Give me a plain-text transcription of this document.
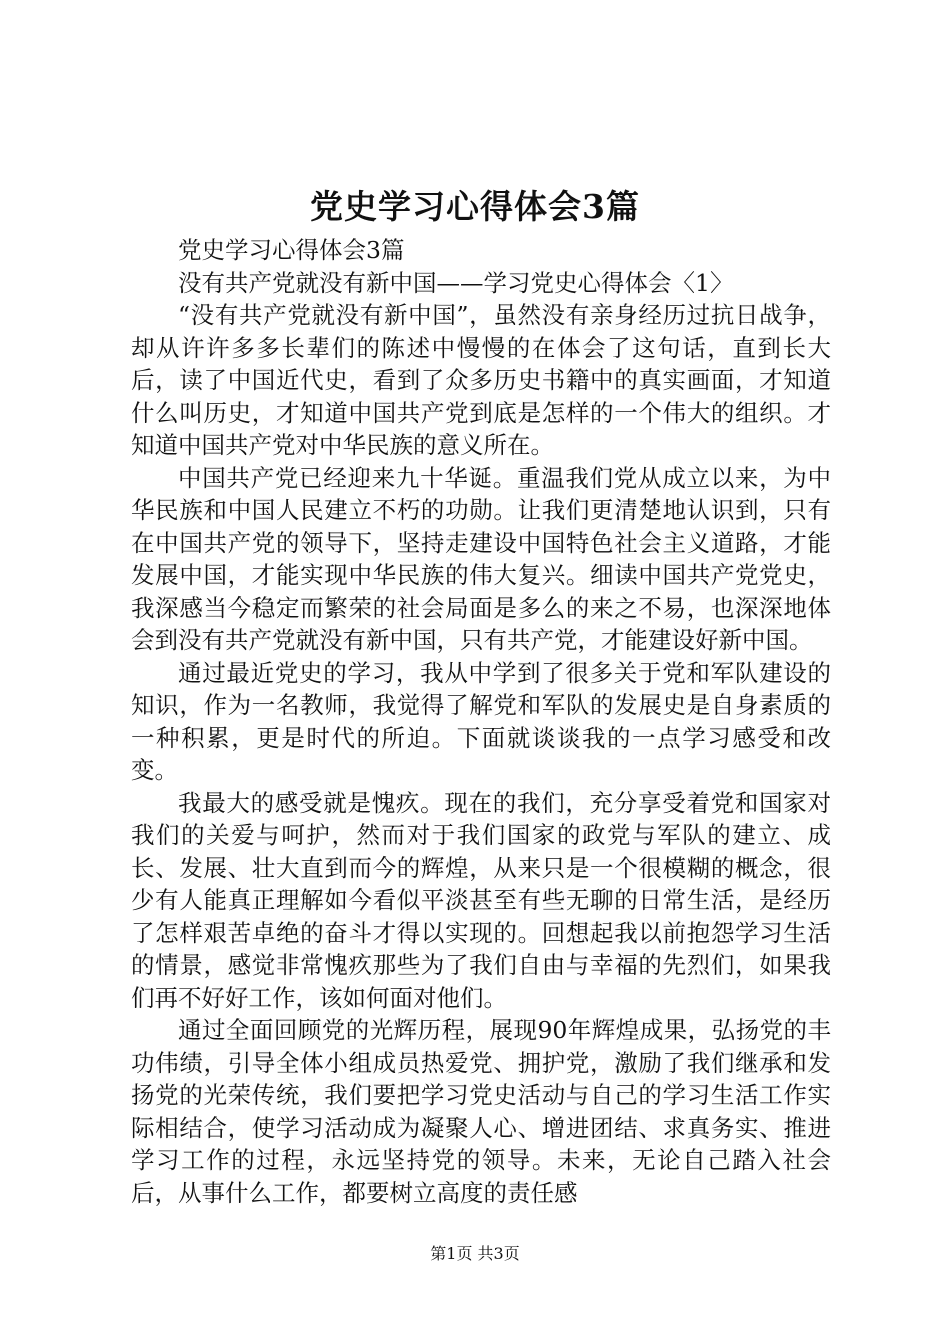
党史学习心得体会3篇

党史学习心得体会3篇

没有共产党就没有新中国——学习党史心得体会〈1〉

“没有共产党就没有新中国”，虽然没有亲身经历过抗日战争，却从许许多多长辈们的陈述中慢慢的在体会了这句话，直到长大后，读了中国近代史，看到了众多历史书籍中的真实画面，才知道什么叫历史，才知道中国共产党到底是怎样的一个伟大的组织。才知道中国共产党对中华民族的意义所在。

中国共产党已经迎来九十华诞。重温我们党从成立以来，为中华民族和中国人民建立不朽的功勋。让我们更清楚地认识到，只有在中国共产党的领导下，坚持走建设中国特色社会主义道路，才能发展中国，才能实现中华民族的伟大复兴。细读中国共产党党史，我深感当今稳定而繁荣的社会局面是多么的来之不易，也深深地体会到没有共产党就没有新中国，只有共产党，才能建设好新中国。

通过最近党史的学习，我从中学到了很多关于党和军队建设的知识，作为一名教师，我觉得了解党和军队的发展史是自身素质的一种积累，更是时代的所迫。下面就谈谈我的一点学习感受和改变。

我最大的感受就是愧疚。现在的我们，充分享受着党和国家对我们的关爱与呵护，然而对于我们国家的政党与军队的建立、成长、发展、壮大直到而今的辉煌，从来只是一个很模糊的概念，很少有人能真正理解如今看似平淡甚至有些无聊的日常生活，是经历了怎样艰苦卓绝的奋斗才得以实现的。回想起我以前抱怨学习生活的情景，感觉非常愧疚那些为了我们自由与幸福的先烈们，如果我们再不好好工作，该如何面对他们。

通过全面回顾党的光辉历程，展现90年辉煌成果，弘扬党的丰功伟绩，引导全体小组成员热爱党、拥护党，激励了我们继承和发扬党的光荣传统，我们要把学习党史活动与自己的学习生活工作实际相结合，使学习活动成为凝聚人心、增进团结、求真务实、推进学习工作的过程，永远坚持党的领导。未来，无论自己踏入社会后，从事什么工作，都要树立高度的责任感

第1页 共3页
